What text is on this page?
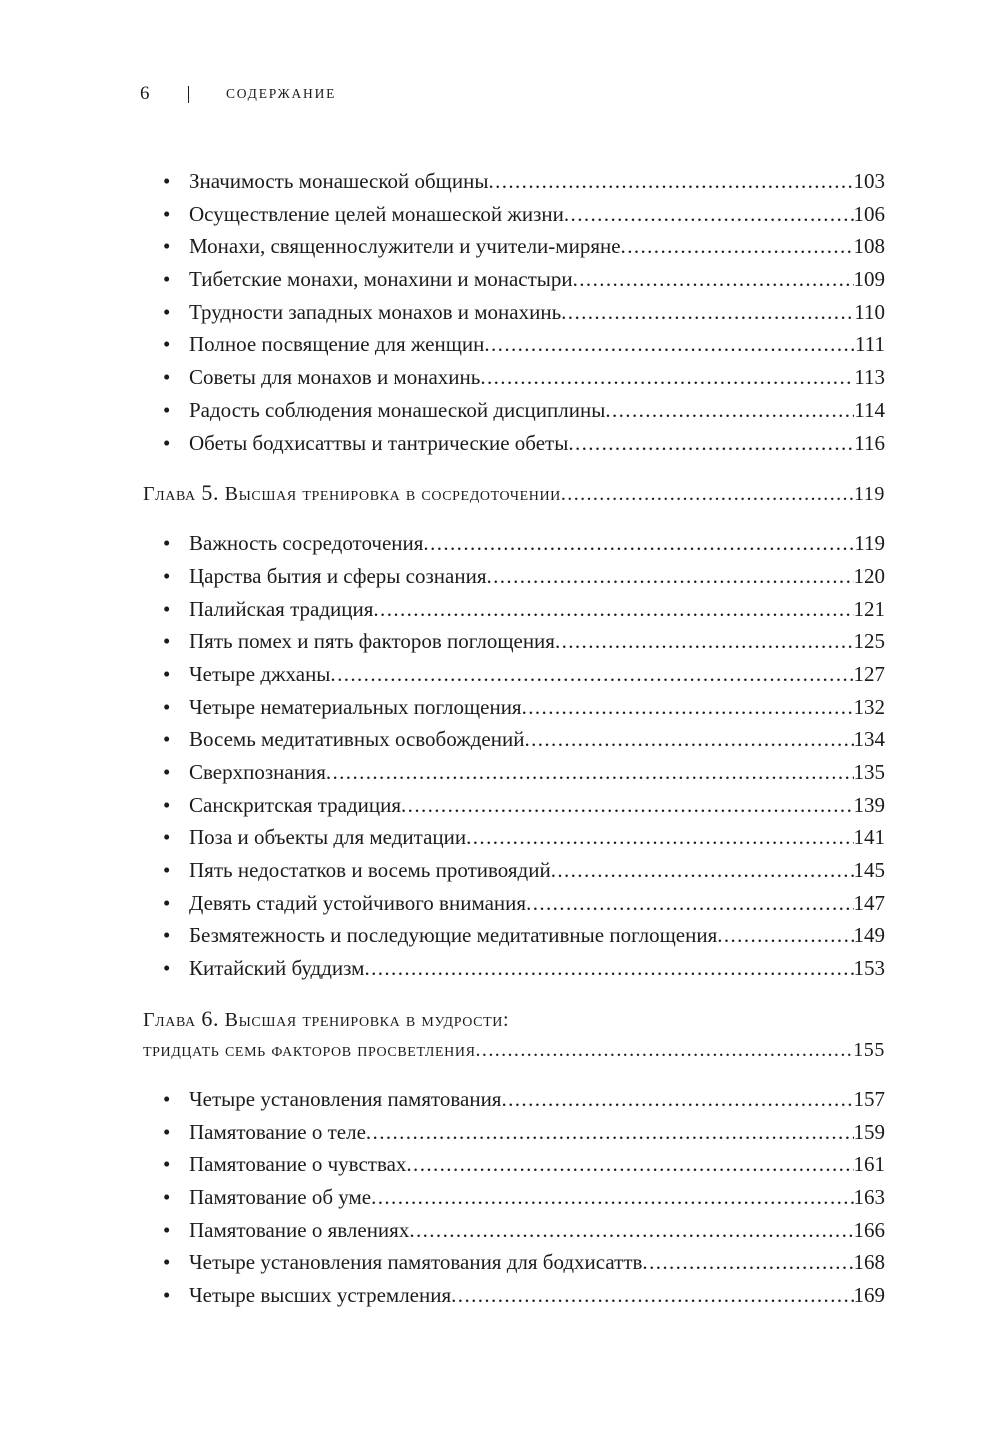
6	СОДЕРЖАНИЕ
• Значимость монашеской общины .....	103
• Осуществление целей монашеской жизни .....	106
• Монахи, священнослужители и учители-миряне .....	108
• Тибетские монахи, монахини и монастыри .....	109
• Трудности западных монахов и монахинь .....	110
• Полное посвящение для женщин .....	111
• Советы для монахов и монахинь .....	113
• Радость соблюдения монашеской дисциплины .....	114
• Обеты бодхисаттвы и тантрические обеты .....	116
Глава 5. Высшая тренировка в сосредоточении .....	119
• Важность сосредоточения .....	119
• Царства бытия и сферы сознания .....	120
• Палийская традиция .....	121
• Пять помех и пять факторов поглощения .....	125
• Четыре джханы .....	127
• Четыре нематериальных поглощения .....	132
• Восемь медитативных освобождений .....	134
• Сверхпознания .....	135
• Санскритская традиция .....	139
• Поза и объекты для медитации .....	141
• Пять недостатков и восемь противоядий .....	145
• Девять стадий устойчивого внимания .....	147
• Безмятежность и последующие медитативные поглощения .....	149
• Китайский буддизм .....	153
Глава 6. Высшая тренировка в мудрости:
тридцать семь факторов просветления .....	155
• Четыре установления памятования .....	157
• Памятование о теле .....	159
• Памятование о чувствах .....	161
• Памятование об уме .....	163
• Памятование о явлениях .....	166
• Четыре установления памятования для бодхисаттв .....	168
• Четыре высших устремления .....	169
